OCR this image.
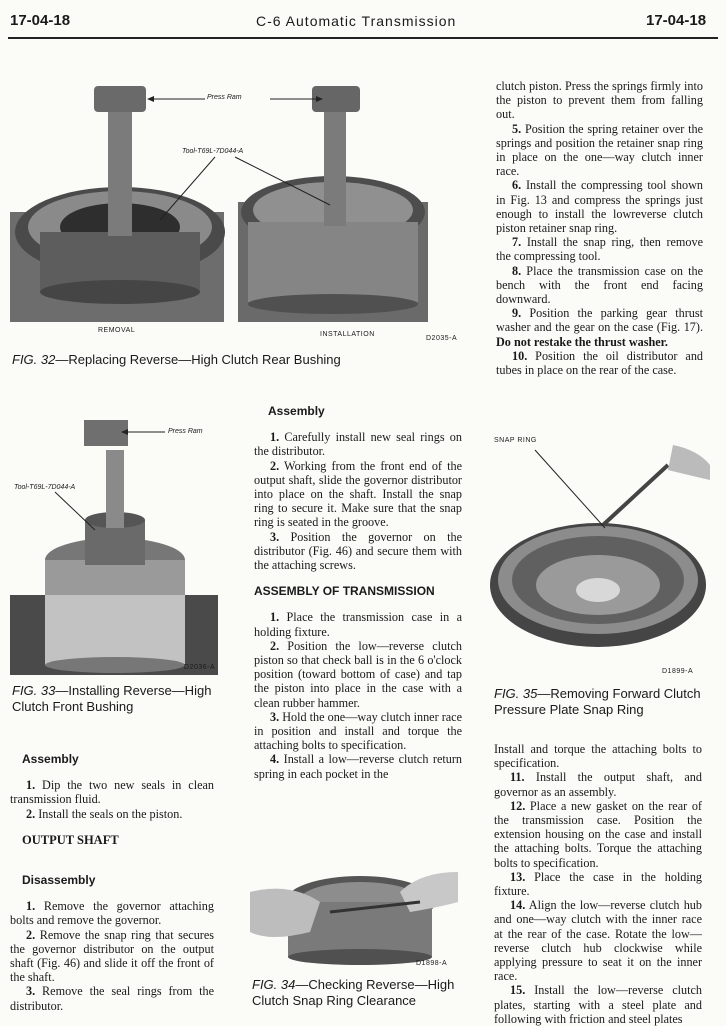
17-04-18	C-6 Automatic Transmission	17-04-18
Press Ram
Tool-T69L-7D044-A
REMOVAL
INSTALLATION
D2035-A
FIG. 32—Replacing Reverse—High Clutch Rear Bushing
Press Ram
Tool-T69L-7D044-A
D2036-A
FIG. 33—Installing Reverse—High Clutch Front Bushing
Assembly

1. Dip the two new seals in clean transmission fluid.

2. Install the seals on the piston.

OUTPUT SHAFT
Disassembly

1. Remove the governor attaching bolts and remove the governor.

2. Remove the snap ring that secures the governor distributor on the output shaft (Fig. 46) and slide it off the front of the shaft.

3. Remove the seal rings from the distributor.

Assembly

1. Carefully install new seal rings on the distributor.

2. Working from the front end of the output shaft, slide the governor distributor into place on the shaft. Install the snap ring to secure it. Make sure that the snap ring is seated in the groove.

3. Position the governor on the distributor (Fig. 46) and secure them with the attaching screws.

ASSEMBLY OF TRANSMISSION

1. Place the transmission case in a holding fixture.

2. Position the low—reverse clutch piston so that check ball is in the 6 o'clock position (toward bottom of case) and tap the piston into place in the case with a clean rubber hammer.

3. Hold the one—way clutch inner race in position and install and torque the attaching bolts to specification.

4. Install a low—reverse clutch return spring in each pocket in the

D1898-A
FIG. 34—Checking Reverse—High Clutch Snap Ring Clearance

clutch piston. Press the springs firmly into the piston to prevent them from falling out.

5. Position the spring retainer over the springs and position the retainer snap ring in place on the one—way clutch inner race.

6. Install the compressing tool shown in Fig. 13 and compress the springs just enough to install the lowreverse clutch piston retainer snap ring.

7. Install the snap ring, then remove the compressing tool.

8. Place the transmission case on the bench with the front end facing downward.

9. Position the parking gear thrust washer and the gear on the case (Fig. 17). Do not restake the thrust washer.

10. Position the oil distributor and tubes in place on the rear of the case.

SNAP RING
D1899-A
FIG. 35—Removing Forward Clutch Pressure Plate Snap Ring

Install and torque the attaching bolts to specification.

11. Install the output shaft, and governor as an assembly.

12. Place a new gasket on the rear of the transmission case. Position the extension housing on the case and install the attaching bolts. Torque the attaching bolts to specification.

13. Place the case in the holding fixture.

14. Align the low—reverse clutch hub and one—way clutch with the inner race at the rear of the case. Rotate the low—reverse clutch hub clockwise while applying pressure to seat it on the inner race.

15. Install the low—reverse clutch plates, starting with a steel plate and following with friction and steel plates
